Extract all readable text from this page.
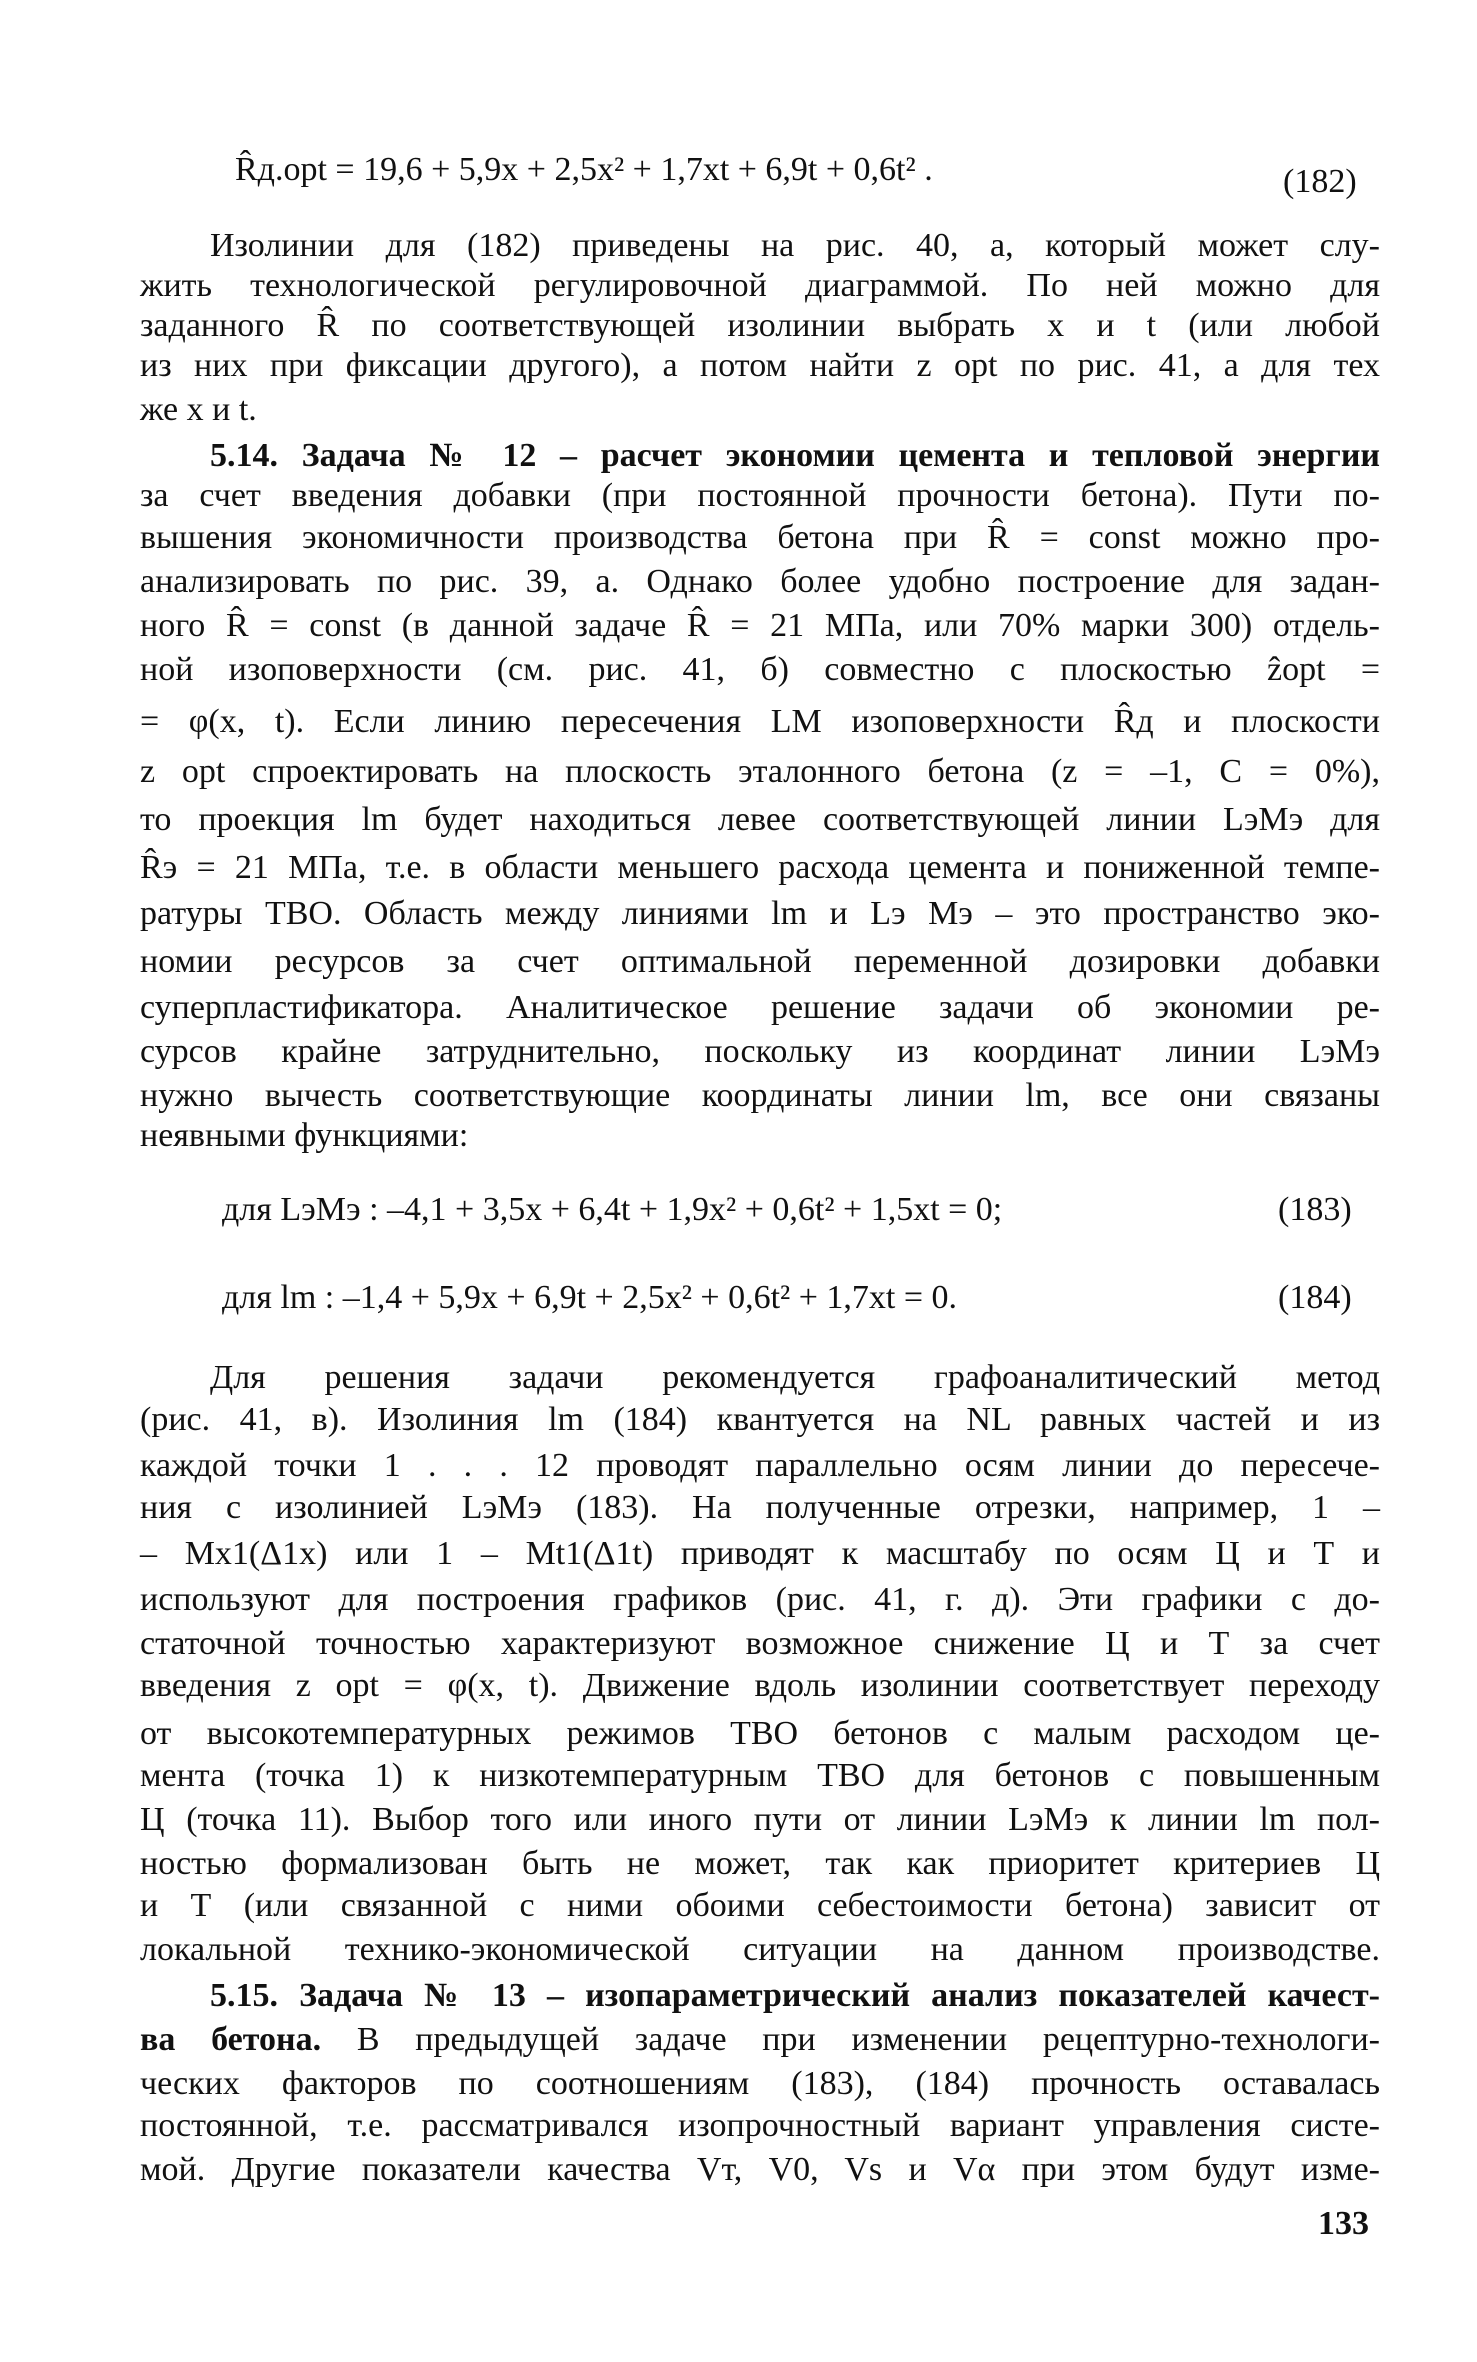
R̂д.opt = 19,6 + 5,9x + 2,5x² + 1,7xt + 6,9t + 0,6t² .	(182)
Изолинии для (182) приведены на рис. 40, а, который может слу-
жить технологической регулировочной диаграммой. По ней можно для
заданного R̂ по соответствующей изолинии выбрать x и t (или любой
из них при фиксации другого), а потом найти z opt по рис. 41, а для тех
же x и t.
5.14. Задача № 12 – расчет экономии цемента и тепловой энергии
за счет введения добавки (при постоянной прочности бетона). Пути по-
вышения экономичности производства бетона при R̂ = const можно про-
анализировать по рис. 39, а. Однако более удобно построение для задан-
ного R̂ = const (в данной задаче R̂ = 21 МПа, или 70% марки 300) отдель-
ной изоповерхности (см. рис. 41, б) совместно с плоскостью ẑopt =
= φ(x, t). Если линию пересечения LM изоповерхности R̂д и плоскости
z opt спроектировать на плоскость эталонного бетона (z = –1, C = 0%),
то проекция lm будет находиться левее соответствующей линии LэMэ для
R̂э = 21 МПа, т.е. в области меньшего расхода цемента и пониженной темпе-
ратуры ТВО. Область между линиями lm и Lэ Mэ – это пространство эко-
номии ресурсов за счет оптимальной переменной дозировки добавки
суперпластификатора. Аналитическое решение задачи об экономии ре-
сурсов крайне затруднительно, поскольку из координат линии LэMэ
нужно вычесть соответствующие координаты линии lm, все они связаны
неявными функциями:
для LэMэ : –4,1 + 3,5x + 6,4t + 1,9x² + 0,6t² + 1,5xt = 0;	(183)
для lm : –1,4 + 5,9x + 6,9t + 2,5x² + 0,6t² + 1,7xt = 0.	(184)
Для решения задачи рекомендуется графоаналитический метод
(рис. 41, в). Изолиния lm (184) квантуется на NL равных частей и из
каждой точки 1 . . . 12 проводят параллельно осям линии до пересече-
ния с изолинией LэMэ (183). На полученные отрезки, например, 1 –
– Mx1(Δ1x) или 1 – Mt1(Δ1t) приводят к масштабу по осям Ц и Т и
используют для построения графиков (рис. 41, г. д). Эти графики с до-
статочной точностью характеризуют возможное снижение Ц и Т за счет
введения z opt = φ(x, t). Движение вдоль изолинии соответствует переходу
от высокотемпературных режимов ТВО бетонов с малым расходом це-
мента (точка 1) к низкотемпературным ТВО для бетонов с повышенным
Ц (точка 11). Выбор того или иного пути от линии LэMэ к линии lm пол-
ностью формализован быть не может, так как приоритет критериев Ц
и Т (или связанной с ними обоими себестоимости бетона) зависит от
локальной технико-экономической ситуации на данном производстве.
5.15. Задача № 13 – изопараметрический анализ показателей качест-
ва бетона. В предыдущей задаче при изменении рецептурно-технологи-
ческих факторов по соотношениям (183), (184) прочность оставалась
постоянной, т.е. рассматривался изопрочностный вариант управления систе-
мой. Другие показатели качества Vт, V0, Vs и Vα при этом будут изме-
133
